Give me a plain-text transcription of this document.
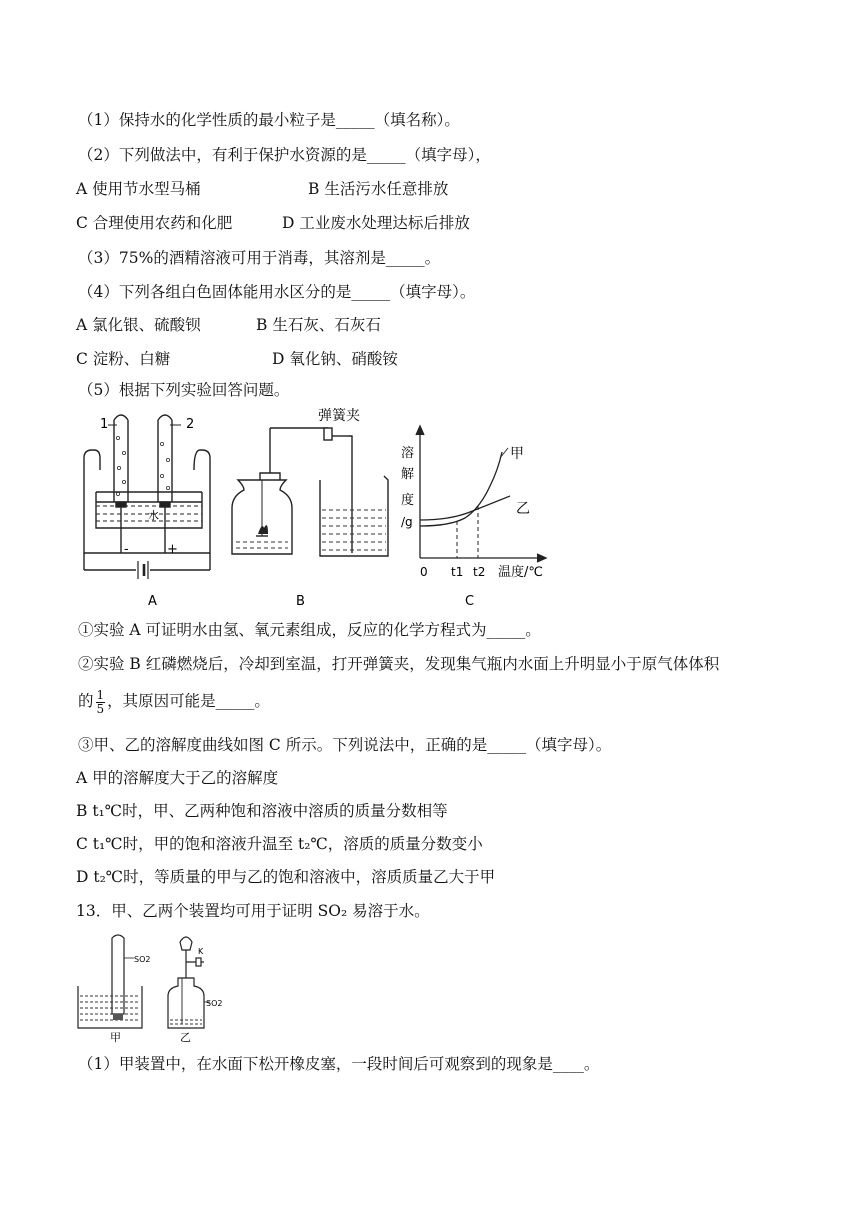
（1）保持水的化学性质的最小粒子是_____（填名称）。
（2）下列做法中，有利于保护水资源的是_____（填字母），
A 使用节水型马桶	B 生活污水任意排放
C 合理使用农药和化肥	D 工业废水处理达标后排放
（3）75%的酒精溶液可用于消毒，其溶剂是_____。
（4）下列各组白色固体能用水区分的是_____（填字母）。
A 氯化银、硫酸钡	B 生石灰、石灰石
C 淀粉、白糖	D 氧化钠、硝酸铵
（5）根据下列实验回答问题。
1	2
水
-	+
A
弹簧夹
B
溶
解
度
/g
甲
乙
0 t1 t2 温度/℃
C
①实验 A 可证明水由氢、氧元素组成，反应的化学方程式为_____。
②实验 B 红磷燃烧后，冷却到室温，打开弹簧夹，发现集气瓶内水面上升明显小于原气体体积
的 $\frac{1}{5}$ ，其原因可能是_____。
③甲、乙的溶解度曲线如图 C 所示。下列说法中，正确的是_____（填字母）。
A 甲的溶解度大于乙的溶解度
B t₁℃时，甲、乙两种饱和溶液中溶质的质量分数相等
C t₁℃时，甲的饱和溶液升温至 t₂℃，溶质的质量分数变小
D t₂℃时，等质量的甲与乙的饱和溶液中，溶质质量乙大于甲
13．甲、乙两个装置均可用于证明 SO₂ 易溶于水。
SO2
甲
K
SO2
乙
（1）甲装置中，在水面下松开橡皮塞，一段时间后可观察到的现象是____。
